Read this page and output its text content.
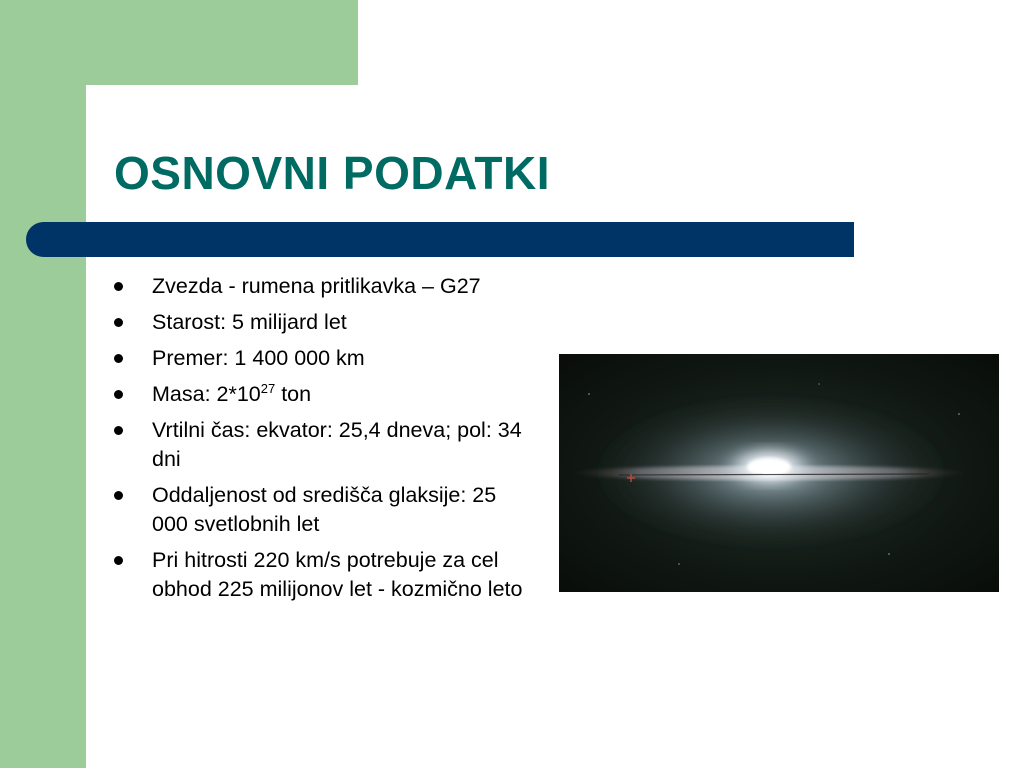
OSNOVNI PODATKI
Zvezda - rumena pritlikavka – G27
Starost: 5 milijard let
Premer: 1 400 000 km
Masa: $2*10^{27}$ ton
Vrtilni čas: ekvator: 25,4 dneva; pol: 34 dni
Oddaljenost od središča glaksije: 25 000 svetlobnih let
Pri hitrosti 220 km/s potrebuje za cel obhod 225 milijonov let - kozmično leto
